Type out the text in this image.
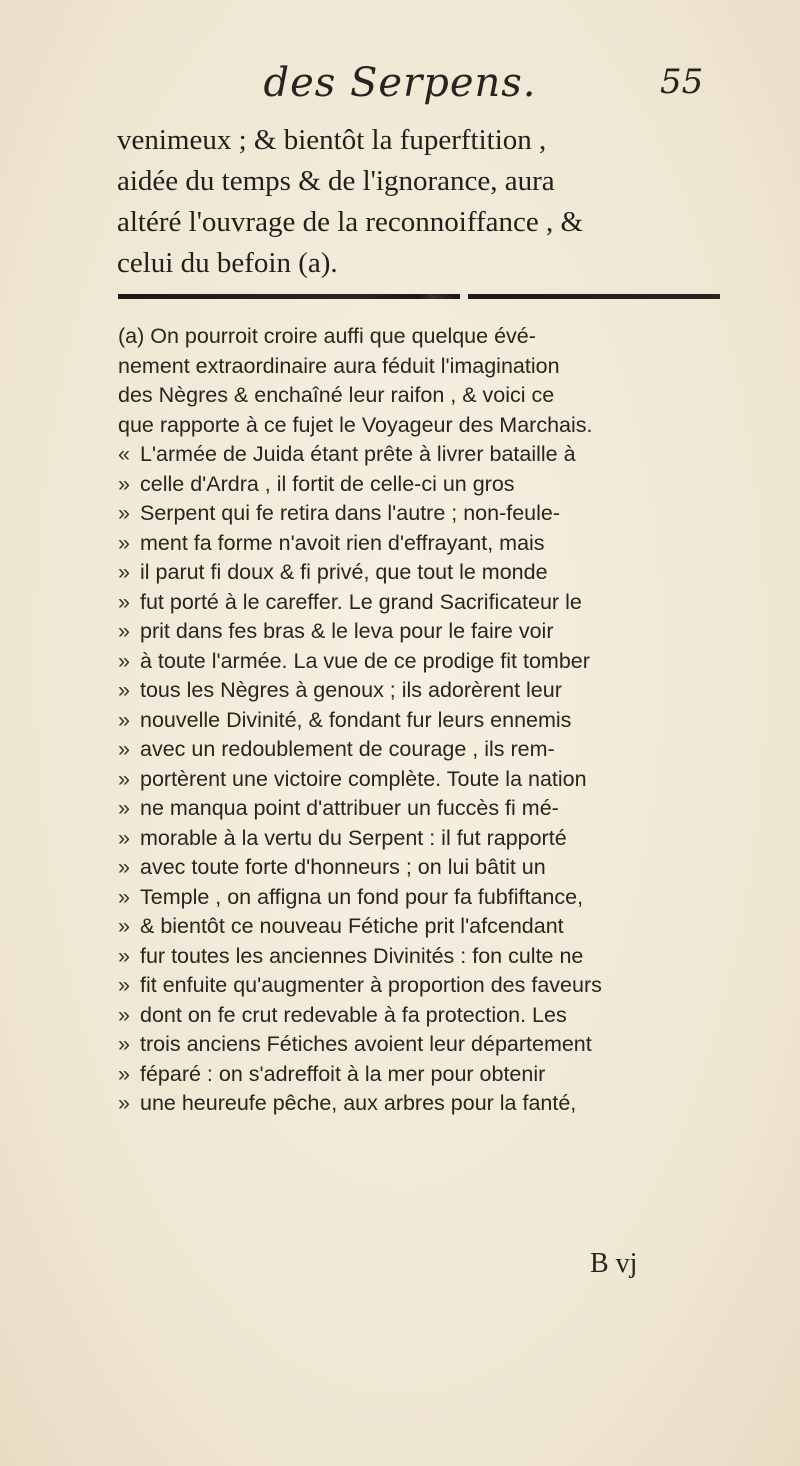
des Serpens.	55
venimeux ; & bientôt la fuperftition ,
aidée du temps & de l'ignorance, aura
altéré l'ouvrage de la reconnoiffance , &
celui du befoin (a).
(a) On pourroit croire auffi que quelque évé-
nement extraordinaire aura féduit l'imagination
des Nègres & enchaîné leur raifon , & voici ce
que rapporte à ce fujet le Voyageur des Marchais.
« L'armée de Juida étant prête à livrer bataille à
» celle d'Ardra , il fortit de celle-ci un gros
» Serpent qui fe retira dans l'autre ; non-feule-
» ment fa forme n'avoit rien d'effrayant, mais
» il parut fi doux & fi privé, que tout le monde
» fut porté à le careffer. Le grand Sacrificateur le
» prit dans fes bras & le leva pour le faire voir
» à toute l'armée. La vue de ce prodige fit tomber
» tous les Nègres à genoux ; ils adorèrent leur
» nouvelle Divinité, & fondant fur leurs ennemis
» avec un redoublement de courage , ils rem-
» portèrent une victoire complète. Toute la nation
» ne manqua point d'attribuer un fuccès fi mé-
» morable à la vertu du Serpent : il fut rapporté
» avec toute forte d'honneurs ; on lui bâtit un
» Temple , on affigna un fond pour fa fubfiftance,
» & bientôt ce nouveau Fétiche prit l'afcendant
» fur toutes les anciennes Divinités : fon culte ne
» fit enfuite qu'augmenter à proportion des faveurs
» dont on fe crut redevable à fa protection. Les
» trois anciens Fétiches avoient leur département
» féparé : on s'adreffoit à la mer pour obtenir
» une heureufe pêche, aux arbres pour la fanté,
B vj
